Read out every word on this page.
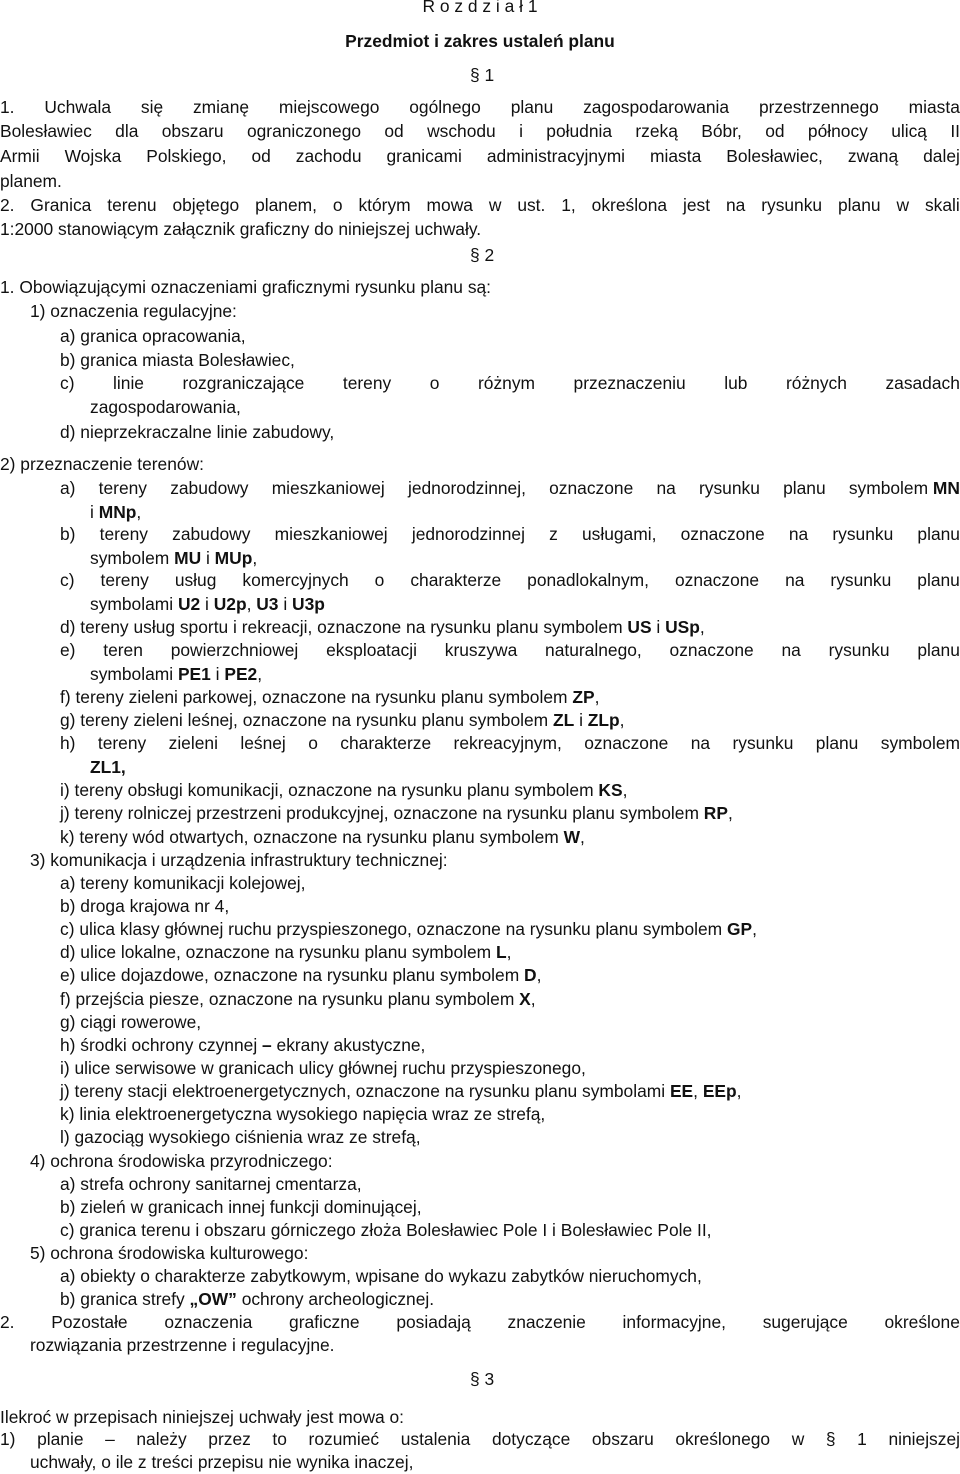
R o z d z i a ł 1
Przedmiot i zakres ustaleń planu
§ 1
1. Uchwala się zmianę miejscowego ogólnego planu zagospodarowania przestrzennego miasta
Bolesławiec dla obszaru ograniczonego od wschodu i południa rzeką Bóbr, od północy ulicą II
Armii Wojska Polskiego, od zachodu granicami administracyjnymi miasta Bolesławiec, zwaną dalej
planem.
2. Granica terenu objętego planem, o którym mowa w ust. 1, określona jest na rysunku planu w skali
1:2000 stanowiącym załącznik graficzny do niniejszej uchwały.
§ 2
1. Obowiązującymi oznaczeniami graficznymi rysunku planu są:
1) oznaczenia regulacyjne:
a) granica opracowania,
b) granica miasta Bolesławiec,
c) linie rozgraniczające tereny o różnym przeznaczeniu lub różnych zasadach
zagospodarowania,
d) nieprzekraczalne linie zabudowy,
2) przeznaczenie terenów:
a) tereny zabudowy mieszkaniowej jednorodzinnej, oznaczone na rysunku planu symbolem MN
i MNp,
b) tereny zabudowy mieszkaniowej jednorodzinnej z usługami, oznaczone na rysunku planu
symbolem MU i MUp,
c) tereny usług komercyjnych o charakterze ponadlokalnym, oznaczone na rysunku planu
symbolami U2 i U2p, U3 i U3p
d) tereny usług sportu i rekreacji, oznaczone na rysunku planu symbolem US i USp,
e) teren powierzchniowej eksploatacji kruszywa naturalnego, oznaczone na rysunku planu
symbolami PE1 i PE2,
f) tereny zieleni parkowej, oznaczone na rysunku planu symbolem ZP,
g) tereny zieleni leśnej, oznaczone na rysunku planu symbolem ZL i ZLp,
h) tereny zieleni leśnej o charakterze rekreacyjnym, oznaczone na rysunku planu symbolem
ZL1,
i) tereny obsługi komunikacji, oznaczone na rysunku planu symbolem KS,
j) tereny rolniczej przestrzeni produkcyjnej, oznaczone na rysunku planu symbolem RP,
k) tereny wód otwartych, oznaczone na rysunku planu symbolem W,
3) komunikacja i urządzenia infrastruktury technicznej:
a) tereny komunikacji kolejowej,
b) droga krajowa nr 4,
c) ulica klasy głównej ruchu przyspieszonego, oznaczone na rysunku planu symbolem GP,
d) ulice lokalne, oznaczone na rysunku planu symbolem L,
e) ulice dojazdowe, oznaczone na rysunku planu symbolem D,
f) przejścia piesze, oznaczone na rysunku planu symbolem X,
g) ciągi rowerowe,
h) środki ochrony czynnej – ekrany akustyczne,
i) ulice serwisowe w granicach ulicy głównej ruchu przyspieszonego,
j) tereny stacji elektroenergetycznych, oznaczone na rysunku planu symbolami EE, EEp,
k) linia elektroenergetyczna wysokiego napięcia wraz ze strefą,
l) gazociąg wysokiego ciśnienia wraz ze strefą,
4) ochrona środowiska przyrodniczego:
a) strefa ochrony sanitarnej cmentarza,
b) zieleń w granicach innej funkcji dominującej,
c) granica terenu i obszaru górniczego złoża Bolesławiec Pole I i Bolesławiec Pole II,
5) ochrona środowiska kulturowego:
a) obiekty o charakterze zabytkowym, wpisane do wykazu zabytków nieruchomych,
b) granica strefy „OW” ochrony archeologicznej.
2. Pozostałe oznaczenia graficzne posiadają znaczenie informacyjne, sugerujące określone
rozwiązania przestrzenne i regulacyjne.
§ 3
Ilekroć w przepisach niniejszej uchwały jest mowa o:
1) planie – należy przez to rozumieć ustalenia dotyczące obszaru określonego w § 1 niniejszej
uchwały, o ile z treści przepisu nie wynika inaczej,
